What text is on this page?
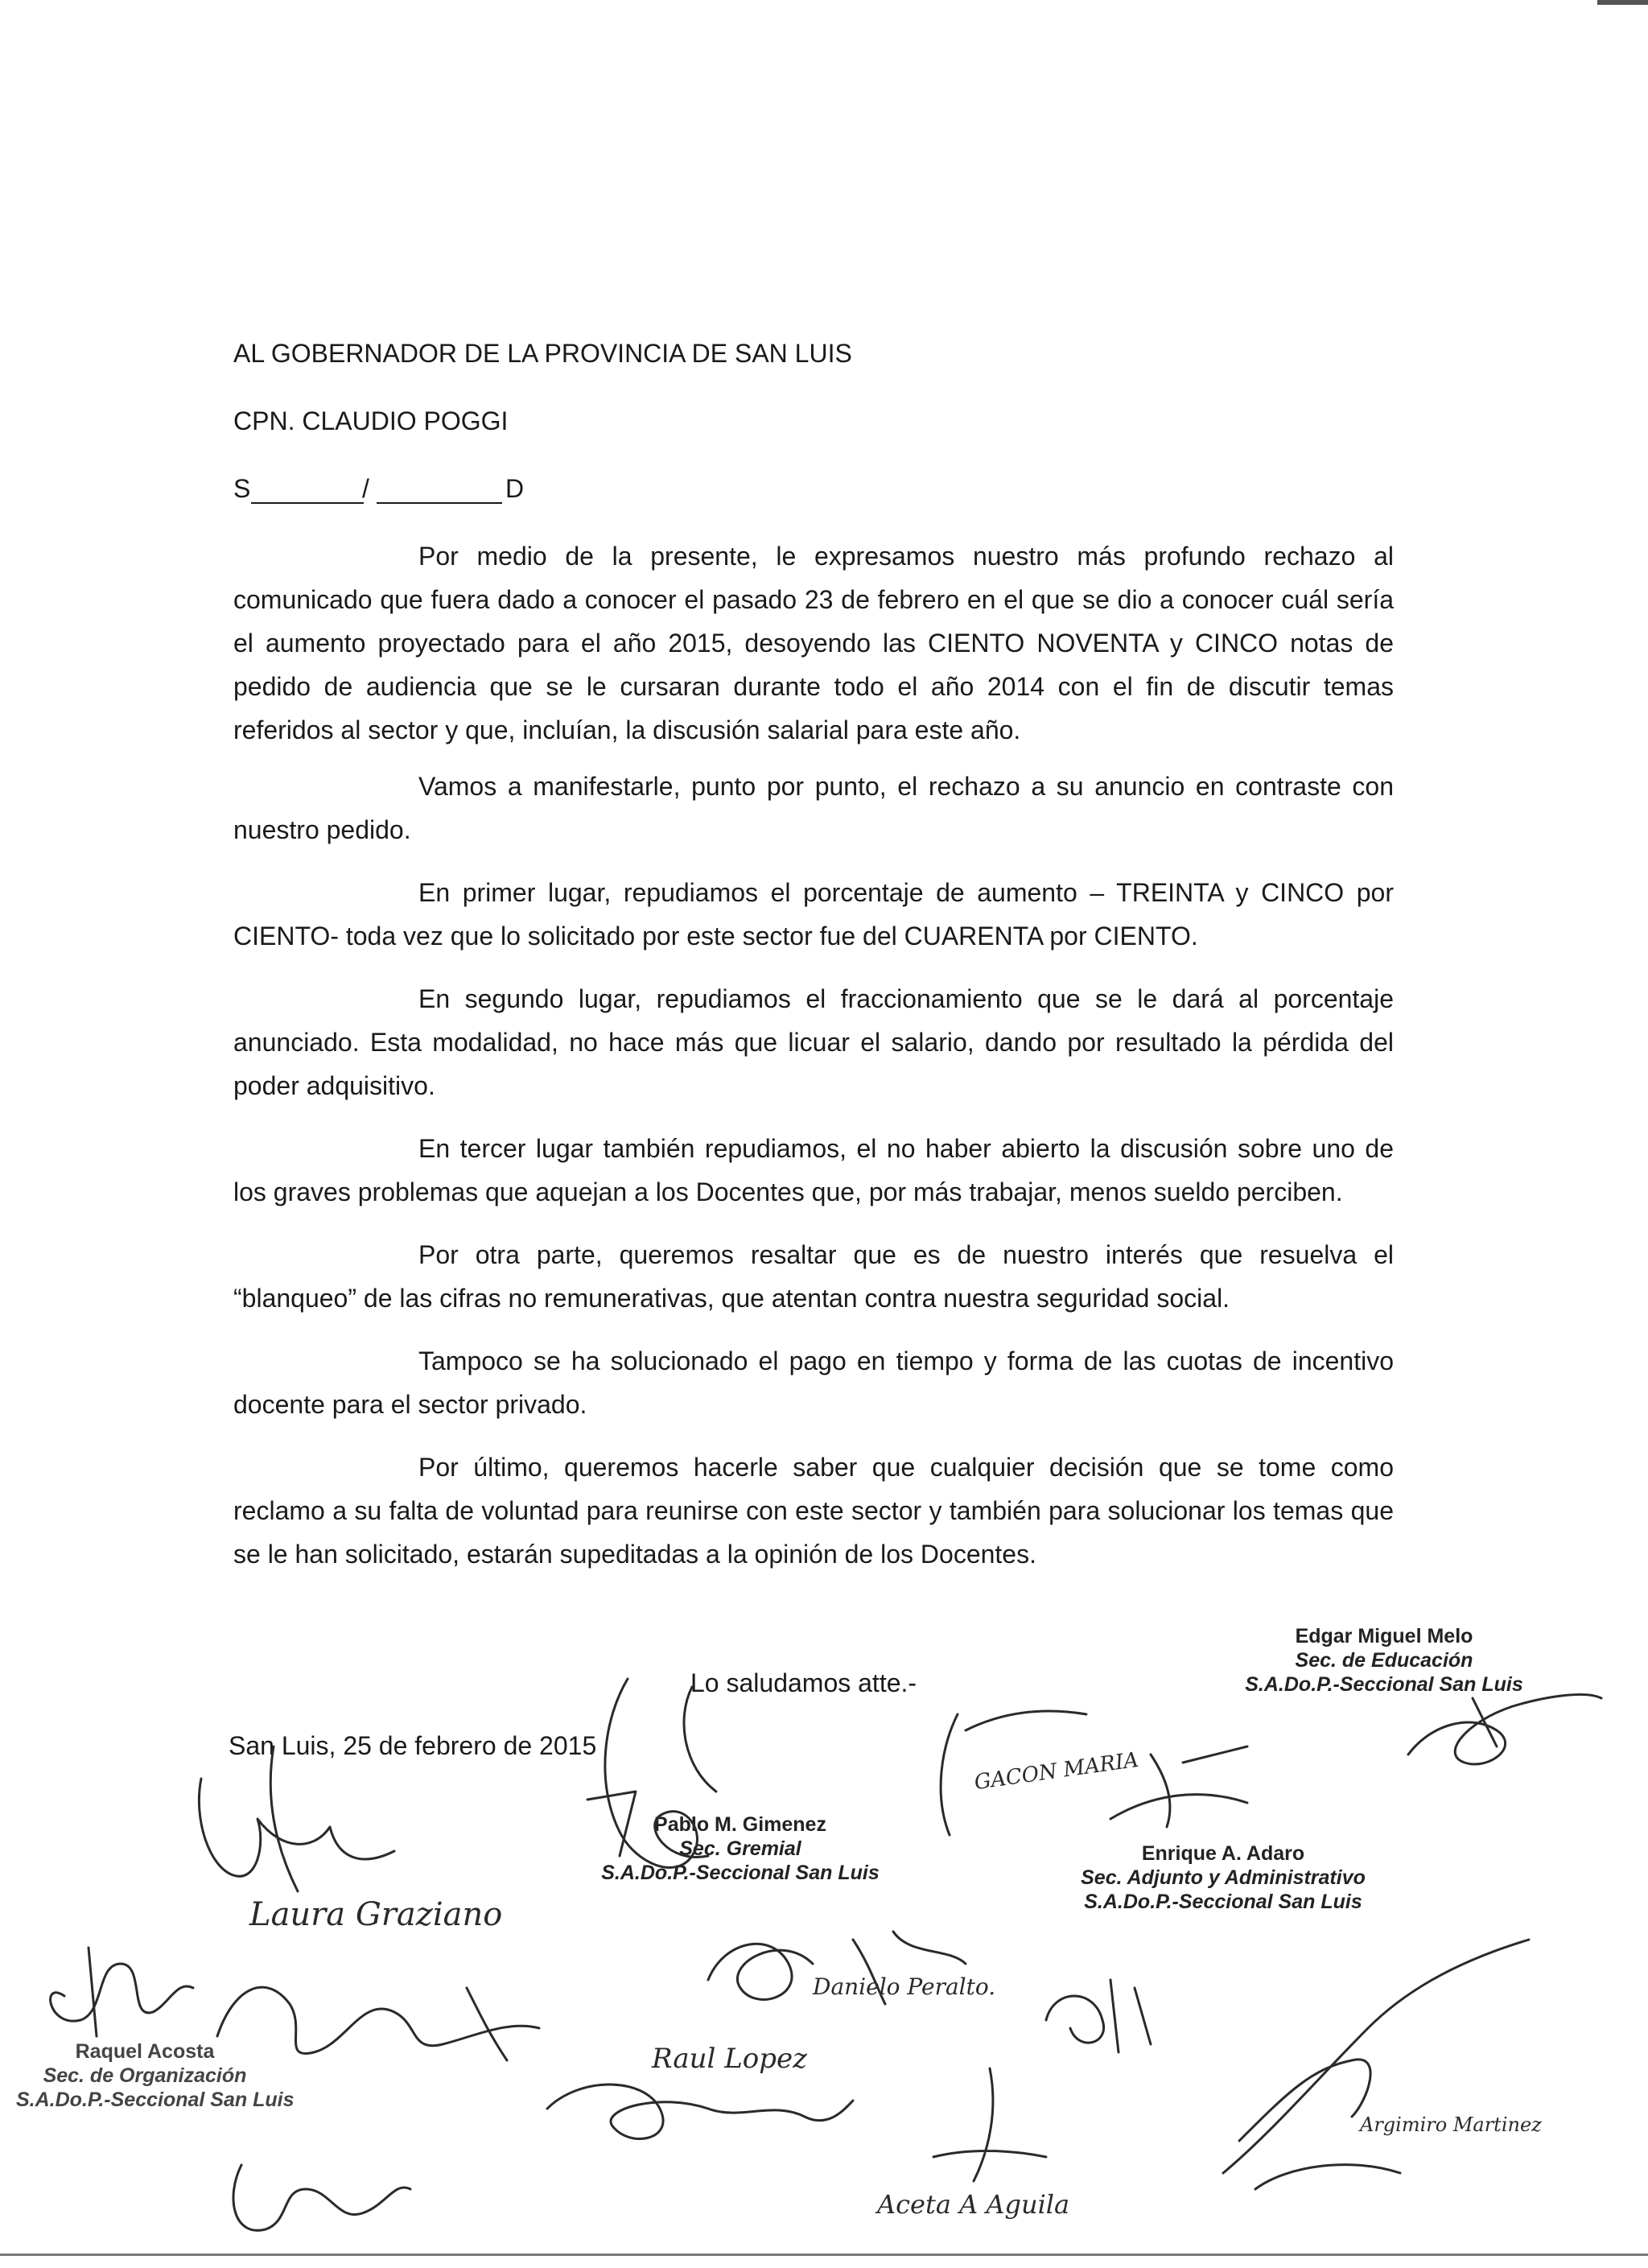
AL GOBERNADOR DE LA PROVINCIA DE SAN LUIS
CPN. CLAUDIO POGGI
S	/	D

Por medio de la presente, le expresamos nuestro más profundo rechazo al comunicado que fuera dado a conocer el pasado 23 de febrero en el que se dio a conocer cuál sería el aumento proyectado para el año 2015, desoyendo las CIENTO NOVENTA y CINCO notas de pedido de audiencia que se le cursaran durante todo el año 2014 con el fin de discutir temas referidos al sector y que, incluían, la discusión salarial para este año.

Vamos a manifestarle, punto por punto, el rechazo a su anuncio en contraste con nuestro pedido.

En primer lugar, repudiamos el porcentaje de aumento – TREINTA y CINCO por CIENTO- toda vez que lo solicitado por este sector fue del CUARENTA por CIENTO.

En segundo lugar, repudiamos el fraccionamiento que se le dará al porcentaje anunciado. Esta modalidad, no hace más que licuar el salario, dando por resultado la pérdida del poder adquisitivo.

En tercer lugar también repudiamos, el no haber abierto la discusión sobre uno de los graves problemas que aquejan a los Docentes que, por más trabajar, menos sueldo perciben.

Por otra parte, queremos resaltar que es de nuestro interés que resuelva el “blanqueo” de las cifras no remunerativas, que atentan contra nuestra seguridad social.

Tampoco se ha solucionado el pago en tiempo y forma de las cuotas de incentivo docente para el sector privado.

Por último, queremos hacerle saber que cualquier decisión que se tome como reclamo a su falta de voluntad para reunirse con este sector y también para solucionar los temas que se le han solicitado, estarán supeditadas a la opinión de los Docentes.

Lo saludamos atte.-
San Luis, 25 de febrero de 2015
Edgar Miguel Melo
Sec. de Educación
S.A.Do.P.-Seccional San Luis
Pablo M. Gimenez
Sec. Gremial
S.A.Do.P.-Seccional San Luis
Enrique A. Adaro
Sec. Adjunto y Administrativo
S.A.Do.P.-Seccional San Luis
Raquel Acosta
Sec. de Organización
S.A.Do.P.-Seccional San Luis
Laura Graziano
Danielo Peralto.
Raul Lopez
GACON MARIA
Aceta A Aguila
Argimiro Martinez
